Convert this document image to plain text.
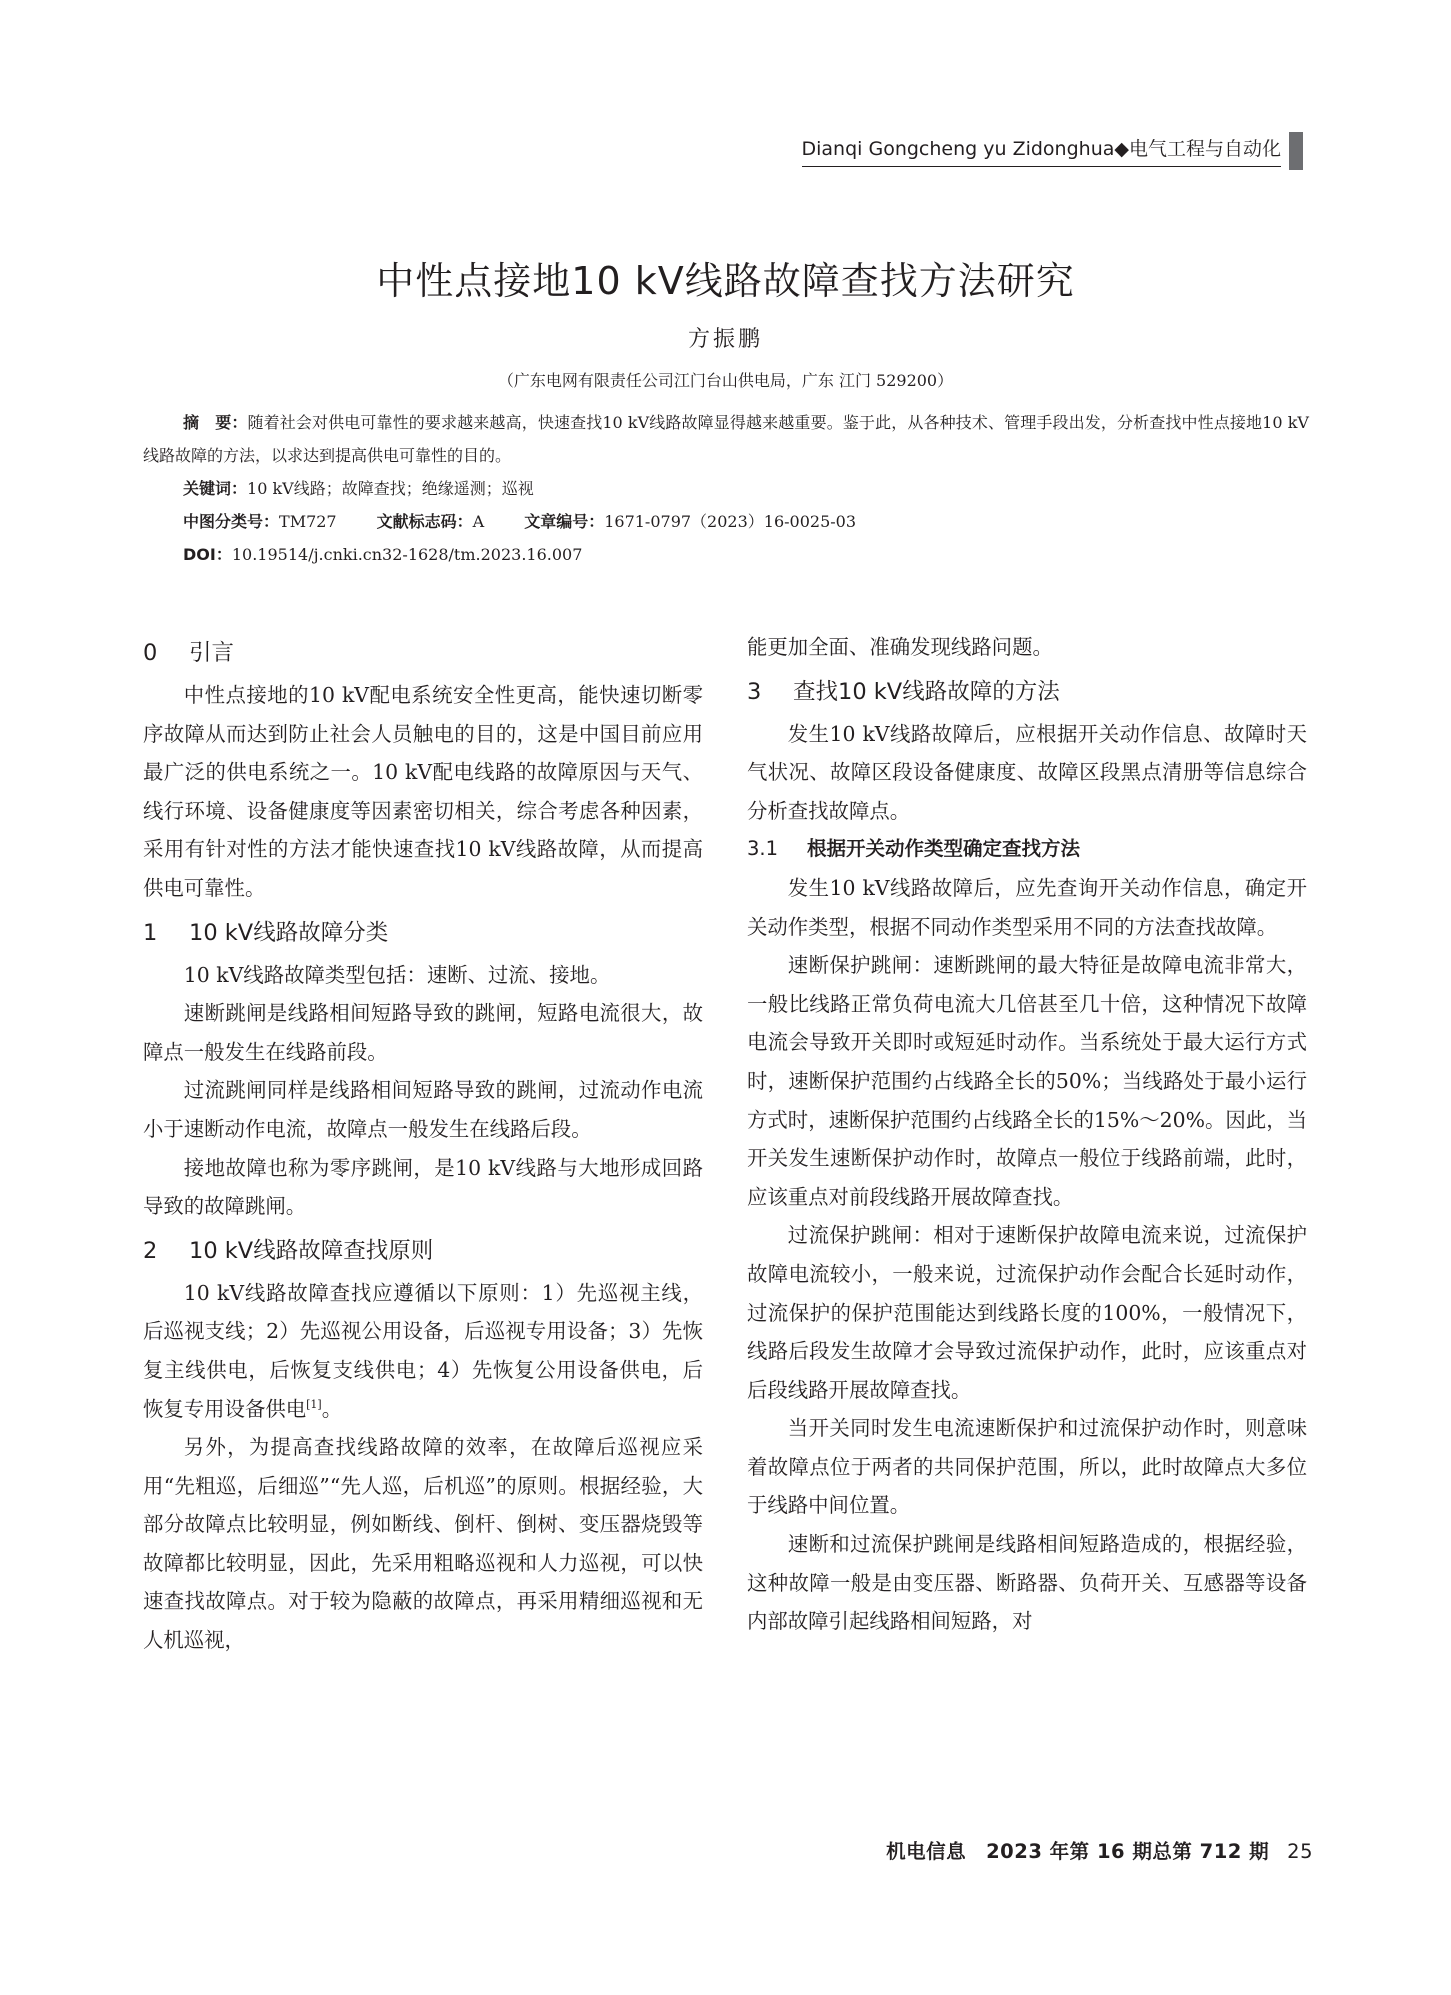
Dianqi Gongcheng yu Zidonghua◆电气工程与自动化
中性点接地10 kV线路故障查找方法研究
方振鹏
（广东电网有限责任公司江门台山供电局，广东 江门 529200）
摘　要：随着社会对供电可靠性的要求越来越高，快速查找10 kV线路故障显得越来越重要。鉴于此，从各种技术、管理手段出发，分析查找中性点接地10 kV线路故障的方法，以求达到提高供电可靠性的目的。
关键词：10 kV线路；故障查找；绝缘遥测；巡视
中图分类号：TM727	文献标志码：A	文章编号：1671-0797（2023）16-0025-03
DOI：10.19514/j.cnki.cn32-1628/tm.2023.16.007
0 引言

中性点接地的10 kV配电系统安全性更高，能快速切断零序故障从而达到防止社会人员触电的目的，这是中国目前应用最广泛的供电系统之一。10 kV配电线路的故障原因与天气、线行环境、设备健康度等因素密切相关，综合考虑各种因素，采用有针对性的方法才能快速查找10 kV线路故障，从而提高供电可靠性。

1 10 kV线路故障分类

10 kV线路故障类型包括：速断、过流、接地。

速断跳闸是线路相间短路导致的跳闸，短路电流很大，故障点一般发生在线路前段。

过流跳闸同样是线路相间短路导致的跳闸，过流动作电流小于速断动作电流，故障点一般发生在线路后段。

接地故障也称为零序跳闸，是10 kV线路与大地形成回路导致的故障跳闸。

2 10 kV线路故障查找原则

10 kV线路故障查找应遵循以下原则：1）先巡视主线，后巡视支线；2）先巡视公用设备，后巡视专用设备；3）先恢复主线供电，后恢复支线供电；4）先恢复公用设备供电，后恢复专用设备供电[1]。

另外，为提高查找线路故障的效率，在故障后巡视应采用“先粗巡，后细巡”“先人巡，后机巡”的原则。根据经验，大部分故障点比较明显，例如断线、倒杆、倒树、变压器烧毁等故障都比较明显，因此，先采用粗略巡视和人力巡视，可以快速查找故障点。对于较为隐蔽的故障点，再采用精细巡视和无人机巡视，

能更加全面、准确发现线路问题。

3 查找10 kV线路故障的方法

发生10 kV线路故障后，应根据开关动作信息、故障时天气状况、故障区段设备健康度、故障区段黑点清册等信息综合分析查找故障点。

3.1 根据开关动作类型确定查找方法

发生10 kV线路故障后，应先查询开关动作信息，确定开关动作类型，根据不同动作类型采用不同的方法查找故障。

速断保护跳闸：速断跳闸的最大特征是故障电流非常大，一般比线路正常负荷电流大几倍甚至几十倍，这种情况下故障电流会导致开关即时或短延时动作。当系统处于最大运行方式时，速断保护范围约占线路全长的50%；当线路处于最小运行方式时，速断保护范围约占线路全长的15%～20%。因此，当开关发生速断保护动作时，故障点一般位于线路前端，此时，应该重点对前段线路开展故障查找。

过流保护跳闸：相对于速断保护故障电流来说，过流保护故障电流较小，一般来说，过流保护动作会配合长延时动作，过流保护的保护范围能达到线路长度的100%，一般情况下，线路后段发生故障才会导致过流保护动作，此时，应该重点对后段线路开展故障查找。

当开关同时发生电流速断保护和过流保护动作时，则意味着故障点位于两者的共同保护范围，所以，此时故障点大多位于线路中间位置。

速断和过流保护跳闸是线路相间短路造成的，根据经验，这种故障一般是由变压器、断路器、负荷开关、互感器等设备内部故障引起线路相间短路，对

机电信息　2023 年第 16 期总第 712 期 25
